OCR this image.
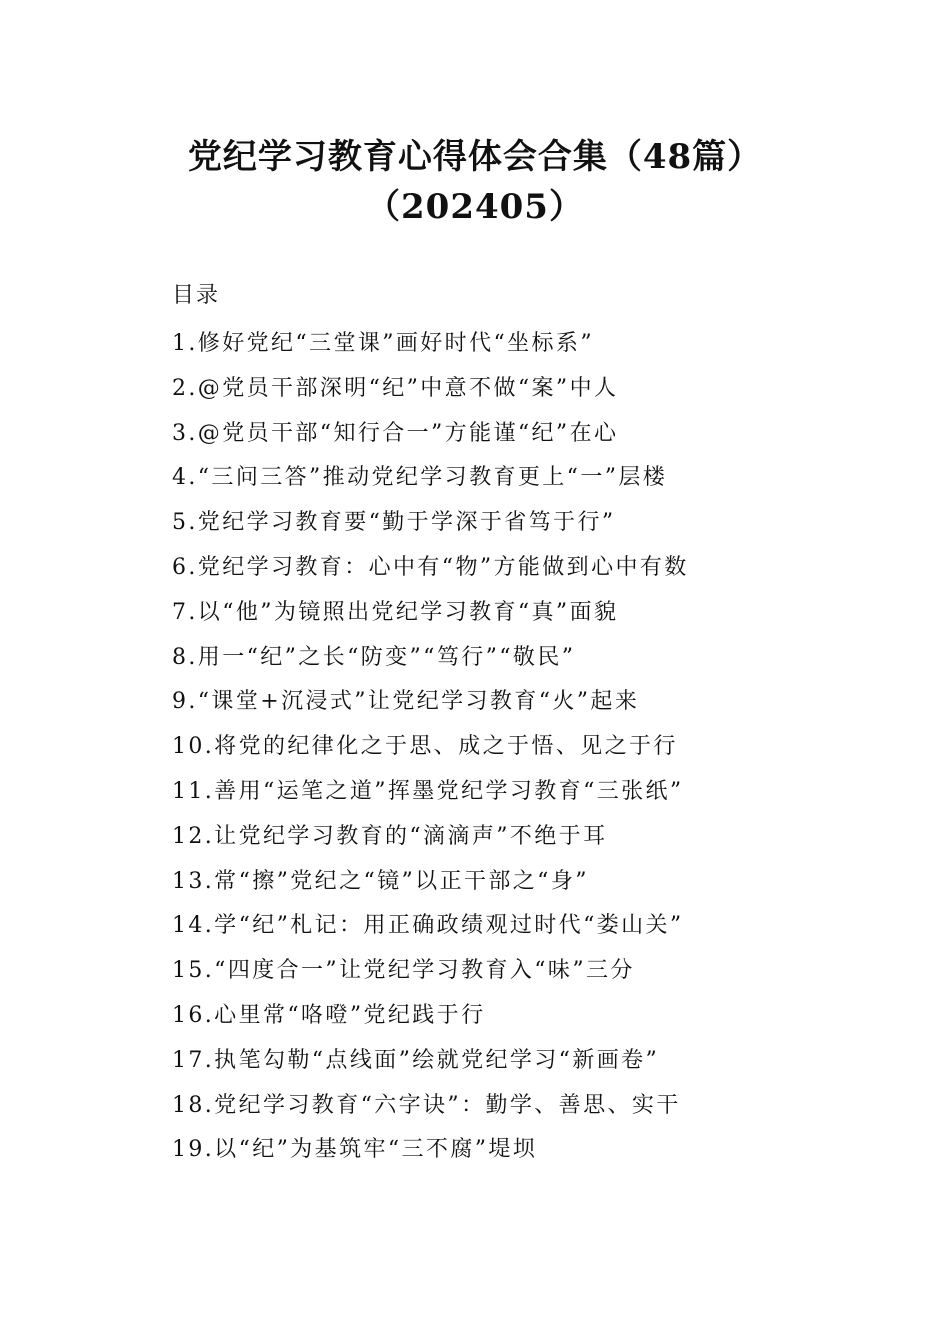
党纪学习教育心得体会合集（48篇）
（202405）
目录
1.修好党纪“三堂课”画好时代“坐标系”
2.@党员干部深明“纪”中意不做“案”中人
3.@党员干部“知行合一”方能谨“纪”在心
4.“三问三答”推动党纪学习教育更上“一”层楼
5.党纪学习教育要“勤于学深于省笃于行”
6.党纪学习教育：心中有“物”方能做到心中有数
7.以“他”为镜照出党纪学习教育“真”面貌
8.用一“纪”之长“防变”“笃行”“敬民”
9.“课堂+沉浸式”让党纪学习教育“火”起来
10.将党的纪律化之于思、成之于悟、见之于行
11.善用“运笔之道”挥墨党纪学习教育“三张纸”
12.让党纪学习教育的“滴滴声”不绝于耳
13.常“擦”党纪之“镜”以正干部之“身”
14.学“纪”札记：用正确政绩观过时代“娄山关”
15.“四度合一”让党纪学习教育入“味”三分
16.心里常“咯噔”党纪践于行
17.执笔勾勒“点线面”绘就党纪学习“新画卷”
18.党纪学习教育“六字诀”：勤学、善思、实干
19.以“纪”为基筑牢“三不腐”堤坝
